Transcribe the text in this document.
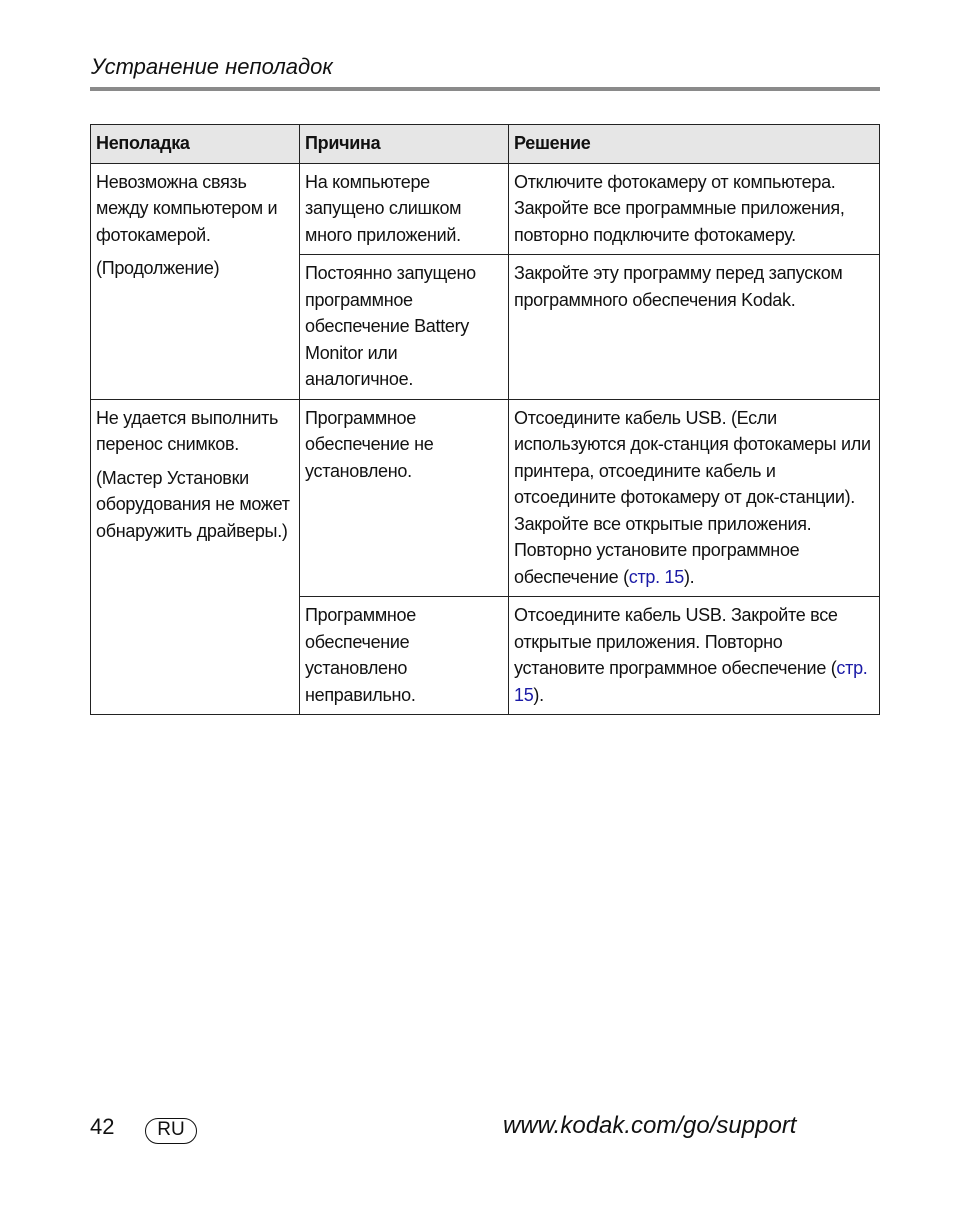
Устранение неполадок
Неполадка	Причина	Решение

Невозможна связь между компьютером и фотокамерой.

(Продолжение)	На компьютере запущено слишком много приложений.	Отключите фотокамеру от компьютера. Закройте все программные приложения, повторно подключите фотокамеру.
	Постоянно запущено программное обеспечение Battery Monitor или аналогичное.	Закройте эту программу перед запуском программного обеспечения Kodak.

Не удается выполнить перенос снимков.

(Мастер Установки оборудования не может обнаружить драйверы.)	Программное обеспечение не установлено.	Отсоедините кабель USB. (Если используются док-станция фотокамеры или принтера, отсоедините кабель и отсоедините фотокамеру от док-станции). Закройте все открытые приложения. Повторно установите программное обеспечение (стр. 15).
	Программное обеспечение установлено неправильно.	Отсоедините кабель USB. Закройте все открытые приложения. Повторно установите программное обеспечение (стр. 15).
42	RU	www.kodak.com/go/support
